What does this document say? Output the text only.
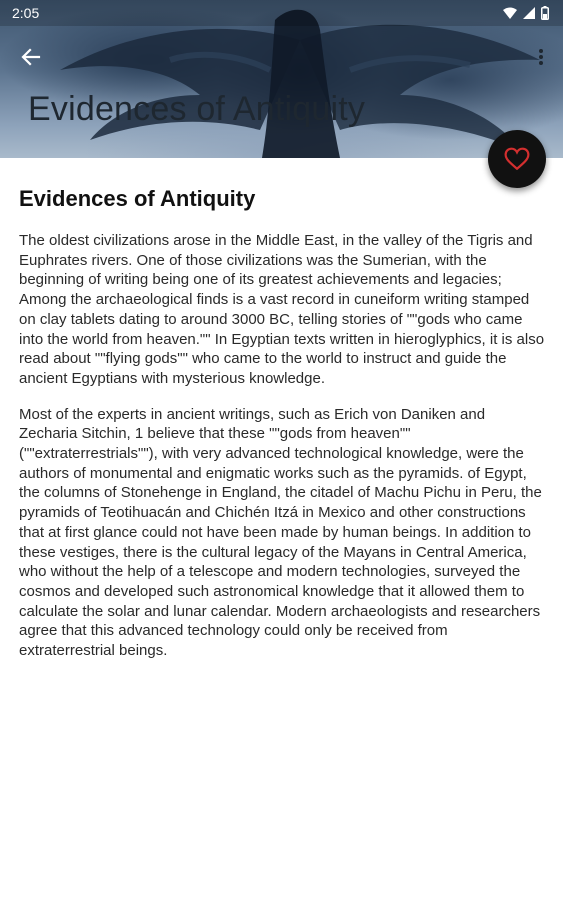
2:05
Evidences of Antiquity
Evidences of Antiquity

The oldest civilizations arose in the Middle East, in the valley of the Tigris and Euphrates rivers. One of those civilizations was the Sumerian, with the beginning of writing being one of its greatest achievements and legacies; Among the archaeological finds is a vast record in cuneiform writing stamped on clay tablets dating to around 3000 BC, telling stories of ""gods who came into the world from heaven."" In Egyptian texts written in hieroglyphics, it is also read about ""flying gods"" who came to the world to instruct and guide the ancient Egyptians with mysterious knowledge.

Most of the experts in ancient writings, such as Erich von Daniken and Zecharia Sitchin, 1 believe that these ""gods from heaven"" (""extraterrestrials""), with very advanced technological knowledge, were the authors of monumental and enigmatic works such as the pyramids. of Egypt, the columns of Stonehenge in England, the citadel of Machu Pichu in Peru, the pyramids of Teotihuacán and Chichén Itzá in Mexico and other constructions that at first glance could not have been made by human beings. In addition to these vestiges, there is the cultural legacy of the Mayans in Central America, who without the help of a telescope and modern technologies, surveyed the cosmos and developed such astronomical knowledge that it allowed them to calculate the solar and lunar calendar. Modern archaeologists and researchers agree that this advanced technology could only be received from extraterrestrial beings.
